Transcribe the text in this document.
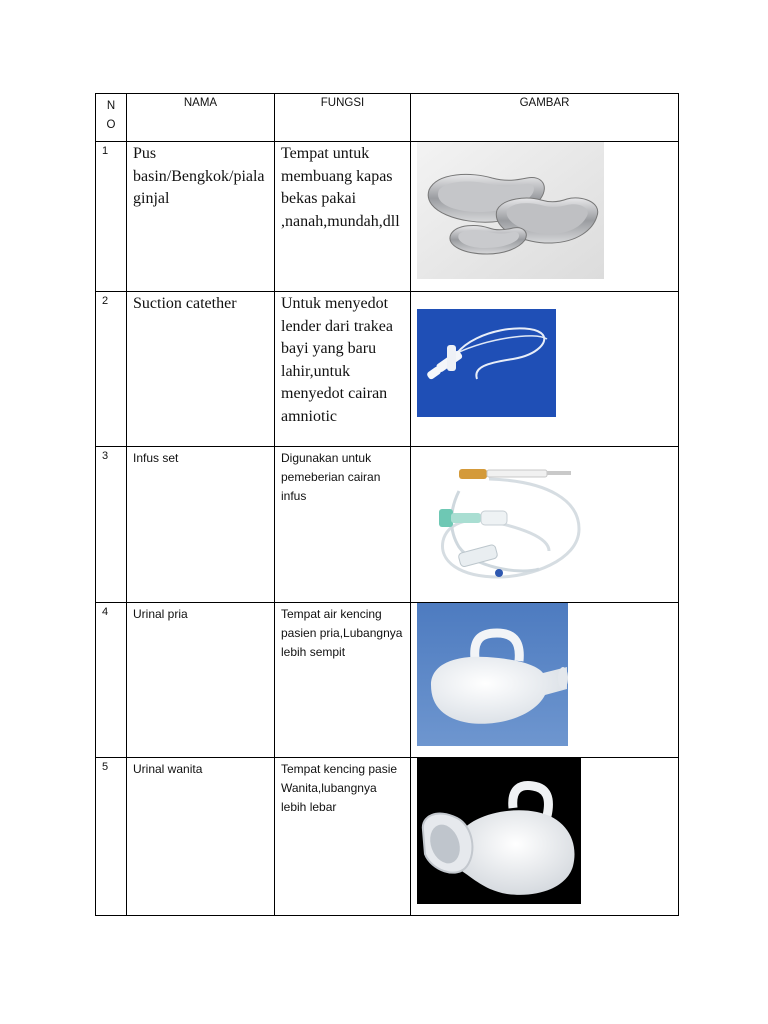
N
O	NAMA	FUNGSI	GAMBAR
1	Pus basin/Bengkok/piala ginjal	Tempat untuk membuang kapas bekas pakai ,nanah,mundah,dll	

2	Suction catether	Untuk menyedot lender dari trakea bayi yang baru lahir,untuk menyedot cairan amniotic	

3	Infus set	Digunakan untuk pemeberian cairan infus	

4	Urinal pria	Tempat air kencing pasien pria,Lubangnya lebih sempit	

5	Urinal wanita	Tempat kencing pasie Wanita,lubangnya lebih lebar	
